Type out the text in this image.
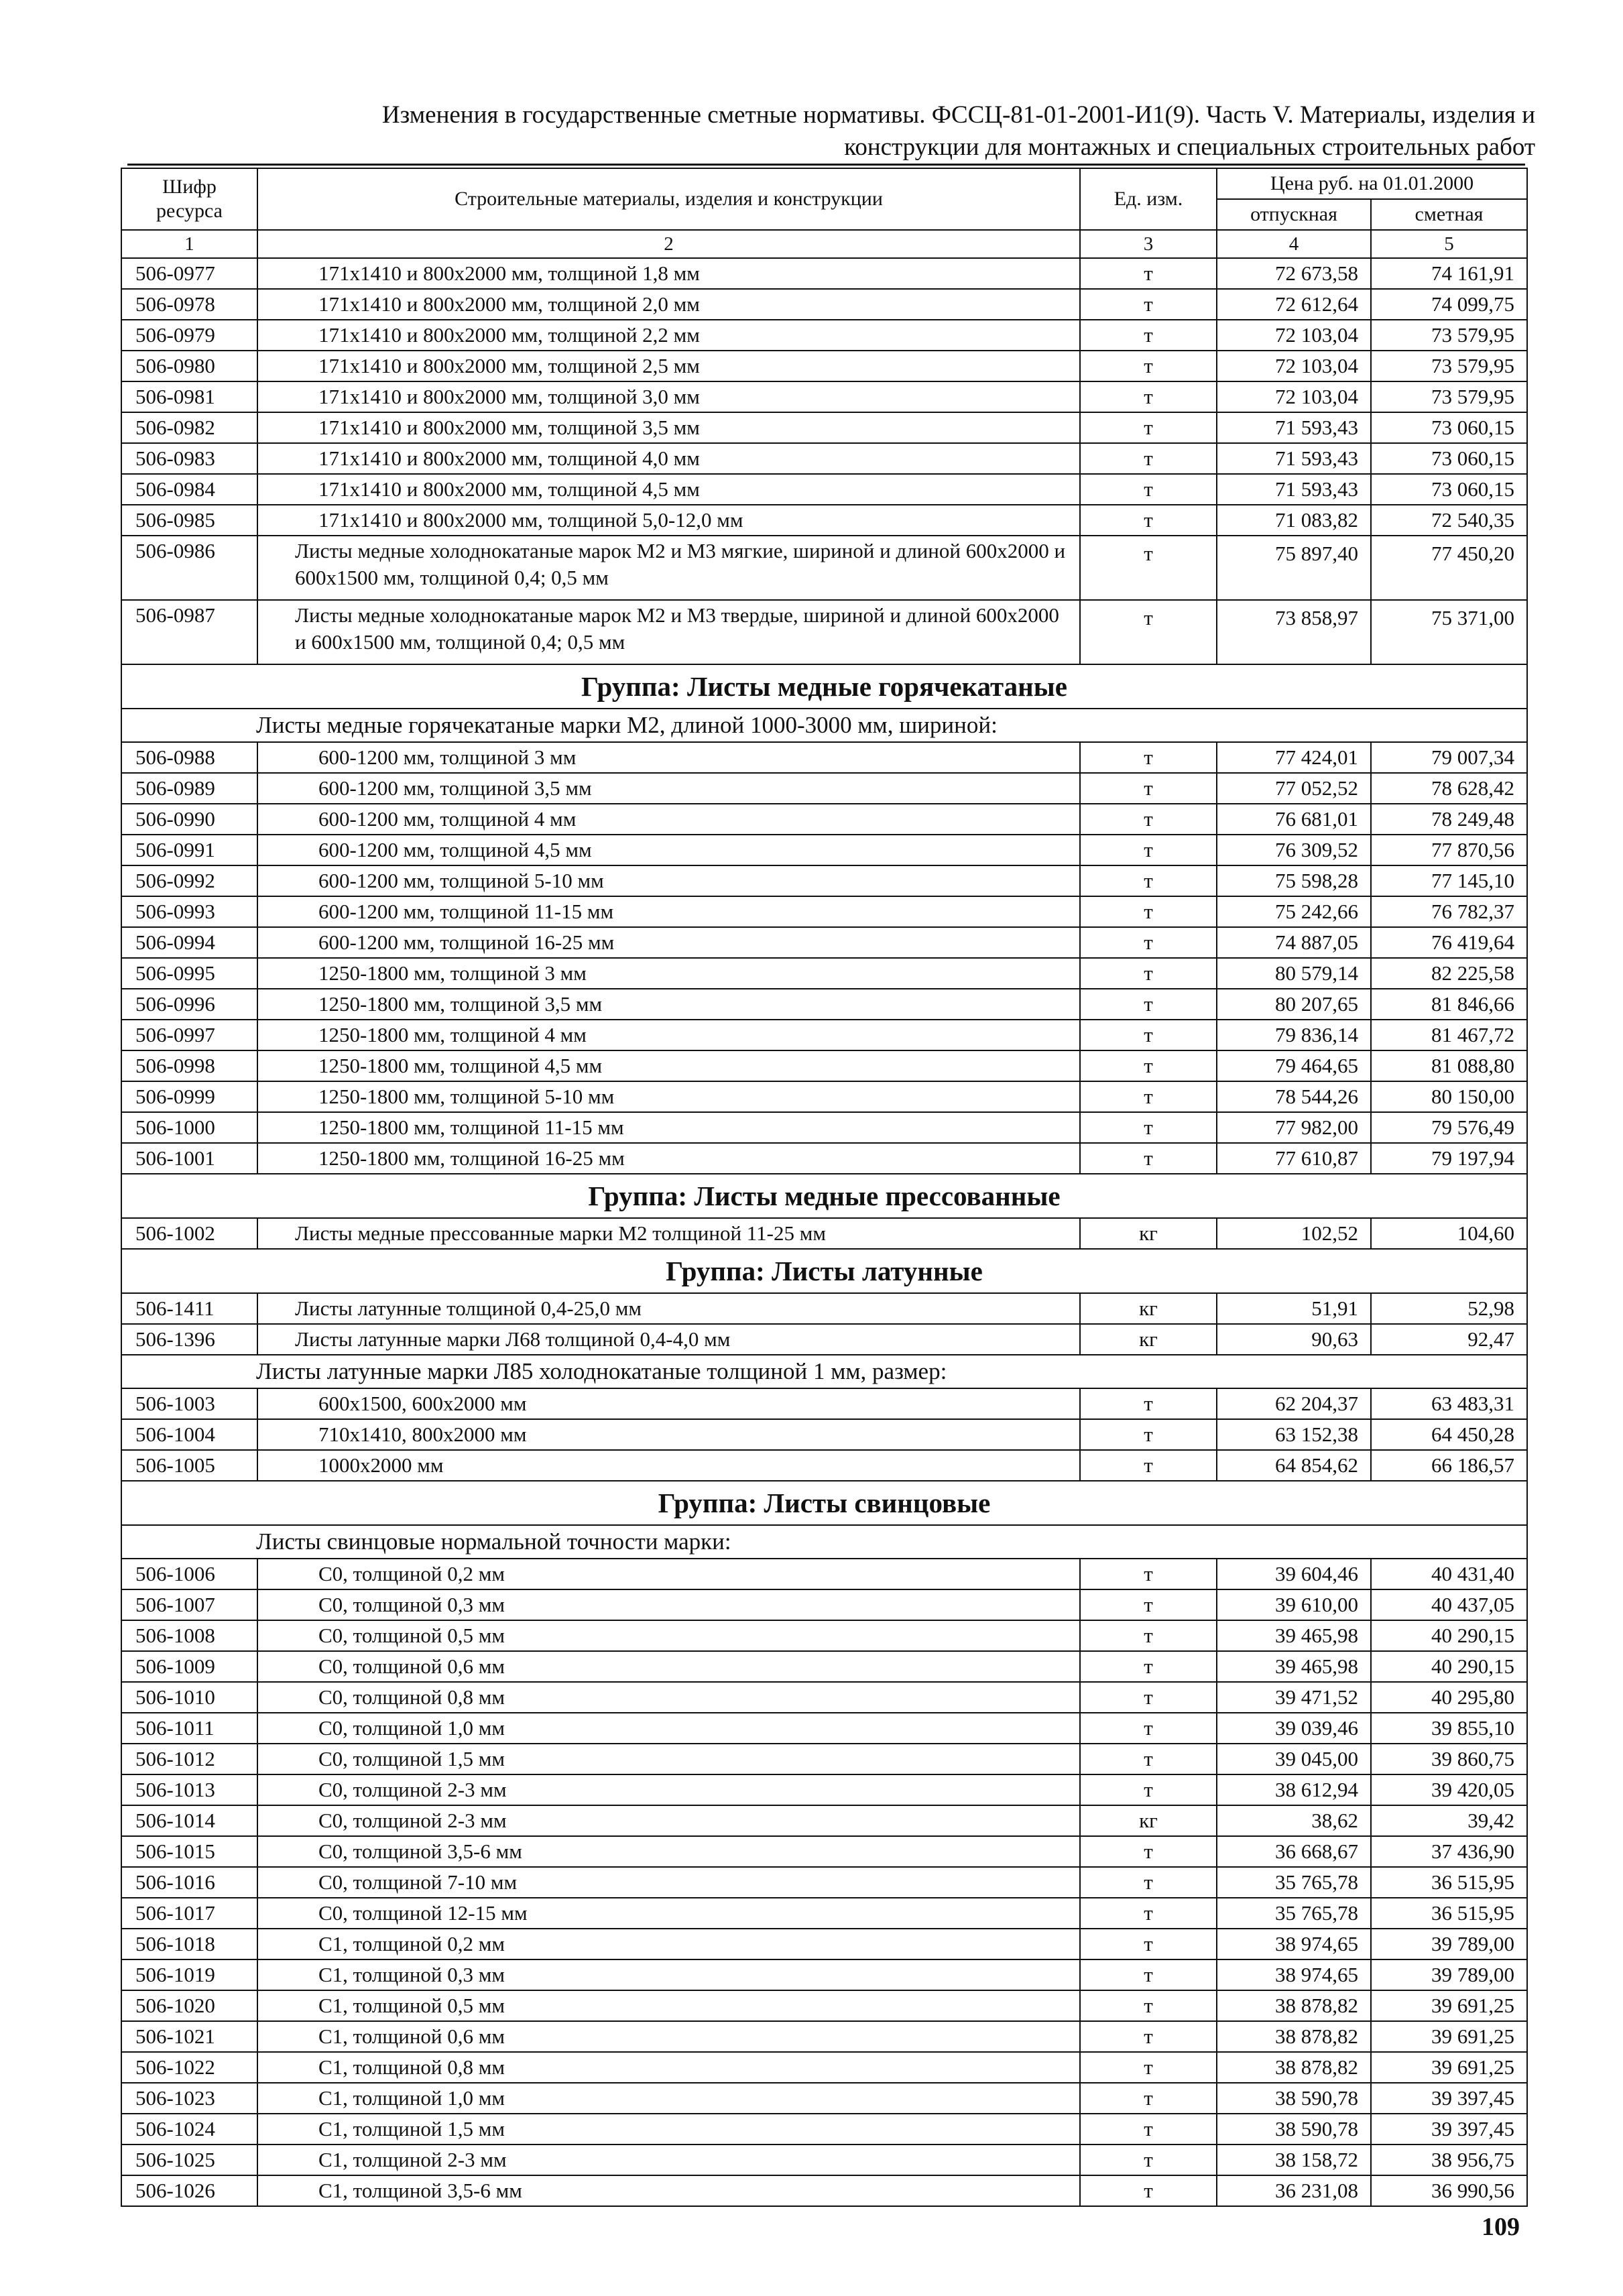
Изменения в государственные сметные нормативы. ФССЦ-81-01-2001-И1(9). Часть V. Материалы, изделия и
конструкции для монтажных и специальных строительных работ
Шифр ресурса	Строительные материалы, изделия и конструкции	Ед. изм.	Цена руб. на 01.01.2000	
			отпускная	сметная
1	2	3	4	5
506-0977	171x1410 и 800x2000 мм, толщиной 1,8 мм	т	72 673,58	74 161,91
506-0978	171x1410 и 800x2000 мм, толщиной 2,0 мм	т	72 612,64	74 099,75
506-0979	171x1410 и 800x2000 мм, толщиной 2,2 мм	т	72 103,04	73 579,95
506-0980	171x1410 и 800x2000 мм, толщиной 2,5 мм	т	72 103,04	73 579,95
506-0981	171x1410 и 800x2000 мм, толщиной 3,0 мм	т	72 103,04	73 579,95
506-0982	171x1410 и 800x2000 мм, толщиной 3,5 мм	т	71 593,43	73 060,15
506-0983	171x1410 и 800x2000 мм, толщиной 4,0 мм	т	71 593,43	73 060,15
506-0984	171x1410 и 800x2000 мм, толщиной 4,5 мм	т	71 593,43	73 060,15
506-0985	171x1410 и 800x2000 мм, толщиной 5,0-12,0 мм	т	71 083,82	72 540,35
506-0986	Листы медные холоднокатаные марок М2 и М3 мягкие, шириной и длиной 600x2000 и 600x1500 мм, толщиной 0,4; 0,5 мм	т	75 897,40	77 450,20
506-0987	Листы медные холоднокатаные марок М2 и М3 твердые, шириной и длиной 600x2000 и 600x1500 мм, толщиной 0,4; 0,5 мм	т	73 858,97	75 371,00
Группа: Листы медные горячекатаные				
Листы медные горячекатаные марки М2, длиной 1000-3000 мм, шириной:				
506-0988	600-1200 мм, толщиной 3 мм	т	77 424,01	79 007,34
506-0989	600-1200 мм, толщиной 3,5 мм	т	77 052,52	78 628,42
506-0990	600-1200 мм, толщиной 4 мм	т	76 681,01	78 249,48
506-0991	600-1200 мм, толщиной 4,5 мм	т	76 309,52	77 870,56
506-0992	600-1200 мм, толщиной 5-10 мм	т	75 598,28	77 145,10
506-0993	600-1200 мм, толщиной 11-15 мм	т	75 242,66	76 782,37
506-0994	600-1200 мм, толщиной 16-25 мм	т	74 887,05	76 419,64
506-0995	1250-1800 мм, толщиной 3 мм	т	80 579,14	82 225,58
506-0996	1250-1800 мм, толщиной 3,5 мм	т	80 207,65	81 846,66
506-0997	1250-1800 мм, толщиной 4 мм	т	79 836,14	81 467,72
506-0998	1250-1800 мм, толщиной 4,5 мм	т	79 464,65	81 088,80
506-0999	1250-1800 мм, толщиной 5-10 мм	т	78 544,26	80 150,00
506-1000	1250-1800 мм, толщиной 11-15 мм	т	77 982,00	79 576,49
506-1001	1250-1800 мм, толщиной 16-25 мм	т	77 610,87	79 197,94
Группа: Листы медные прессованные				
506-1002	Листы медные прессованные марки М2 толщиной 11-25 мм	кг	102,52	104,60
Группа: Листы латунные				
506-1411	Листы латунные толщиной 0,4-25,0 мм	кг	51,91	52,98
506-1396	Листы латунные марки Л68 толщиной 0,4-4,0 мм	кг	90,63	92,47
Листы латунные марки Л85 холоднокатаные толщиной 1 мм, размер:				
506-1003	600x1500, 600x2000 мм	т	62 204,37	63 483,31
506-1004	710x1410, 800x2000 мм	т	63 152,38	64 450,28
506-1005	1000x2000 мм	т	64 854,62	66 186,57
Группа: Листы свинцовые				
Листы свинцовые нормальной точности марки:				
506-1006	С0, толщиной 0,2 мм	т	39 604,46	40 431,40
506-1007	С0, толщиной 0,3 мм	т	39 610,00	40 437,05
506-1008	С0, толщиной 0,5 мм	т	39 465,98	40 290,15
506-1009	С0, толщиной 0,6 мм	т	39 465,98	40 290,15
506-1010	С0, толщиной 0,8 мм	т	39 471,52	40 295,80
506-1011	С0, толщиной 1,0 мм	т	39 039,46	39 855,10
506-1012	С0, толщиной 1,5 мм	т	39 045,00	39 860,75
506-1013	С0, толщиной 2-3 мм	т	38 612,94	39 420,05
506-1014	С0, толщиной 2-3 мм	кг	38,62	39,42
506-1015	С0, толщиной 3,5-6 мм	т	36 668,67	37 436,90
506-1016	С0, толщиной 7-10 мм	т	35 765,78	36 515,95
506-1017	С0, толщиной 12-15 мм	т	35 765,78	36 515,95
506-1018	С1, толщиной 0,2 мм	т	38 974,65	39 789,00
506-1019	С1, толщиной 0,3 мм	т	38 974,65	39 789,00
506-1020	С1, толщиной 0,5 мм	т	38 878,82	39 691,25
506-1021	С1, толщиной 0,6 мм	т	38 878,82	39 691,25
506-1022	С1, толщиной 0,8 мм	т	38 878,82	39 691,25
506-1023	С1, толщиной 1,0 мм	т	38 590,78	39 397,45
506-1024	С1, толщиной 1,5 мм	т	38 590,78	39 397,45
506-1025	С1, толщиной 2-3 мм	т	38 158,72	38 956,75
506-1026	С1, толщиной 3,5-6 мм	т	36 231,08	36 990,56
109
